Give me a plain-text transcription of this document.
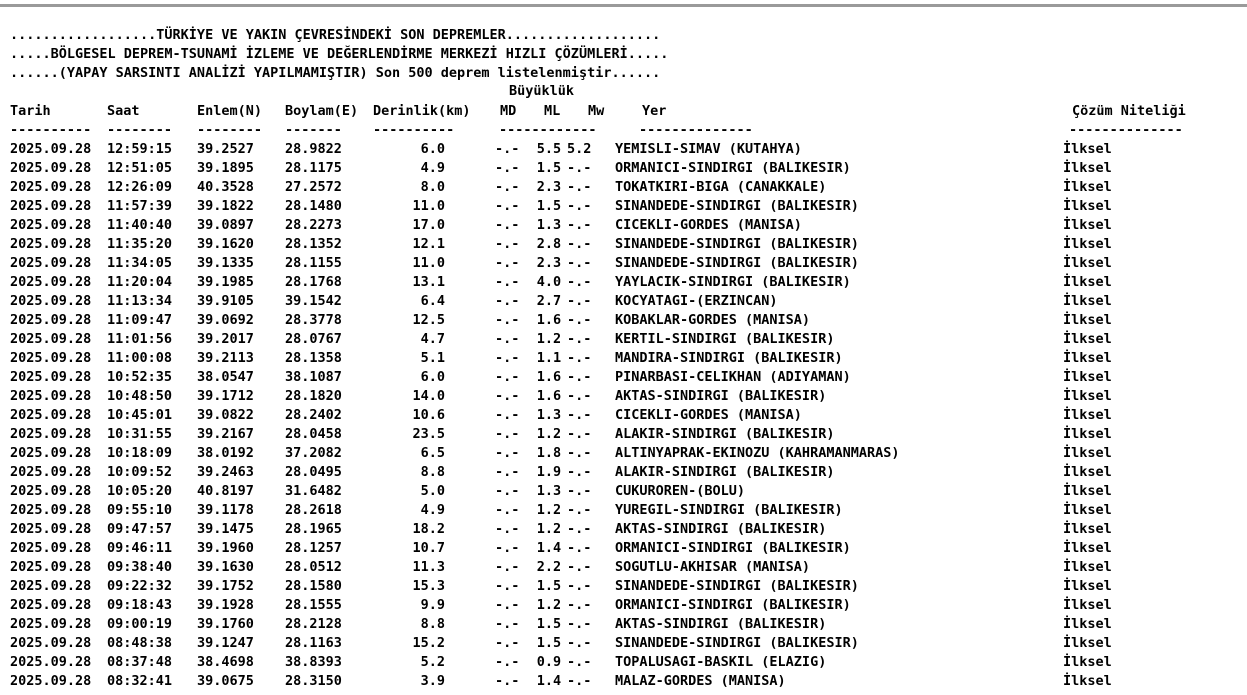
..................TÜRKİYE VE YAKIN ÇEVRESİNDEKİ SON DEPREMLER...................
.....BÖLGESEL DEPREM-TSUNAMİ İZLEME VE DEĞERLENDİRME MERKEZİ HIZLI ÇÖZÜMLERİ.....
......(YAPAY SARSINTI ANALİZİ YAPILMAMIŞTIR) Son 500 deprem listelenmiştir......
Tarih	Saat	Enlem(N) Boylam(E) Derinlik(km) MD ML Mw	Yer	Çözüm Niteliği
---------- -------- -------- ------- ----------	------------	--------------	--------------
2025.09.28 12:59:15 39.2527 28.9822	6.0	-.- 5.5 5.2 YEMISLI-SIMAV (KUTAHYA)	İlksel
2025.09.28 12:51:05 39.1895 28.1175	4.9	-.- 1.5 -.- ORMANICI-SINDIRGI (BALIKESIR)	İlksel
2025.09.28 12:26:09 40.3528 27.2572	8.0	-.- 2.3 -.- TOKATKIRI-BIGA (CANAKKALE)	İlksel
2025.09.28 11:57:39 39.1822 28.1480	11.0	-.- 1.5 -.- SINANDEDE-SINDIRGI (BALIKESIR)	İlksel
2025.09.28 11:40:40 39.0897 28.2273	17.0	-.- 1.3 -.- CICEKLI-GORDES (MANISA)	İlksel
2025.09.28 11:35:20 39.1620 28.1352	12.1	-.- 2.8 -.- SINANDEDE-SINDIRGI (BALIKESIR)	İlksel
2025.09.28 11:34:05 39.1335 28.1155	11.0	-.- 2.3 -.- SINANDEDE-SINDIRGI (BALIKESIR)	İlksel
2025.09.28 11:20:04 39.1985 28.1768	13.1	-.- 4.0 -.- YAYLACIK-SINDIRGI (BALIKESIR)	İlksel
2025.09.28 11:13:34 39.9105 39.1542	6.4	-.- 2.7 -.- KOCYATAGI-(ERZINCAN)	İlksel
2025.09.28 11:09:47 39.0692 28.3778	12.5	-.- 1.6 -.- KOBAKLAR-GORDES (MANISA)	İlksel
2025.09.28 11:01:56 39.2017 28.0767	4.7	-.- 1.2 -.- KERTIL-SINDIRGI (BALIKESIR)	İlksel
2025.09.28 11:00:08 39.2113 28.1358	5.1	-.- 1.1 -.- MANDIRA-SINDIRGI (BALIKESIR)	İlksel
2025.09.28 10:52:35 38.0547 38.1087	6.0	-.- 1.6 -.- PINARBASI-CELIKHAN (ADIYAMAN)	İlksel
2025.09.28 10:48:50 39.1712 28.1820	14.0	-.- 1.6 -.- AKTAS-SINDIRGI (BALIKESIR)	İlksel
2025.09.28 10:45:01 39.0822 28.2402	10.6	-.- 1.3 -.- CICEKLI-GORDES (MANISA)	İlksel
2025.09.28 10:31:55 39.2167 28.0458	23.5	-.- 1.2 -.- ALAKIR-SINDIRGI (BALIKESIR)	İlksel
2025.09.28 10:18:09 38.0192 37.2082	6.5	-.- 1.8 -.- ALTINYAPRAK-EKINOZU (KAHRAMANMARAS)	İlksel
2025.09.28 10:09:52 39.2463 28.0495	8.8	-.- 1.9 -.- ALAKIR-SINDIRGI (BALIKESIR)	İlksel
2025.09.28 10:05:20 40.8197 31.6482	5.0	-.- 1.3 -.- CUKUROREN-(BOLU)	İlksel
2025.09.28 09:55:10 39.1178 28.2618	4.9	-.- 1.2 -.- YUREGIL-SINDIRGI (BALIKESIR)	İlksel
2025.09.28 09:47:57 39.1475 28.1965	18.2	-.- 1.2 -.- AKTAS-SINDIRGI (BALIKESIR)	İlksel
2025.09.28 09:46:11 39.1960 28.1257	10.7	-.- 1.4 -.- ORMANICI-SINDIRGI (BALIKESIR)	İlksel
2025.09.28 09:38:40 39.1630 28.0512	11.3	-.- 2.2 -.- SOGUTLU-AKHISAR (MANISA)	İlksel
2025.09.28 09:22:32 39.1752 28.1580	15.3	-.- 1.5 -.- SINANDEDE-SINDIRGI (BALIKESIR)	İlksel
2025.09.28 09:18:43 39.1928 28.1555	9.9	-.- 1.2 -.- ORMANICI-SINDIRGI (BALIKESIR)	İlksel
2025.09.28 09:00:19 39.1760 28.2128	8.8	-.- 1.5 -.- AKTAS-SINDIRGI (BALIKESIR)	İlksel
2025.09.28 08:48:38 39.1247 28.1163	15.2	-.- 1.5 -.- SINANDEDE-SINDIRGI (BALIKESIR)	İlksel
2025.09.28 08:37:48 38.4698 38.8393	5.2	-.- 0.9 -.- TOPALUSAGI-BASKIL (ELAZIG)	İlksel
2025.09.28 08:32:41 39.0675 28.3150	3.9	-.- 1.4 -.- MALAZ-GORDES (MANISA)	İlksel
Büyüklük
